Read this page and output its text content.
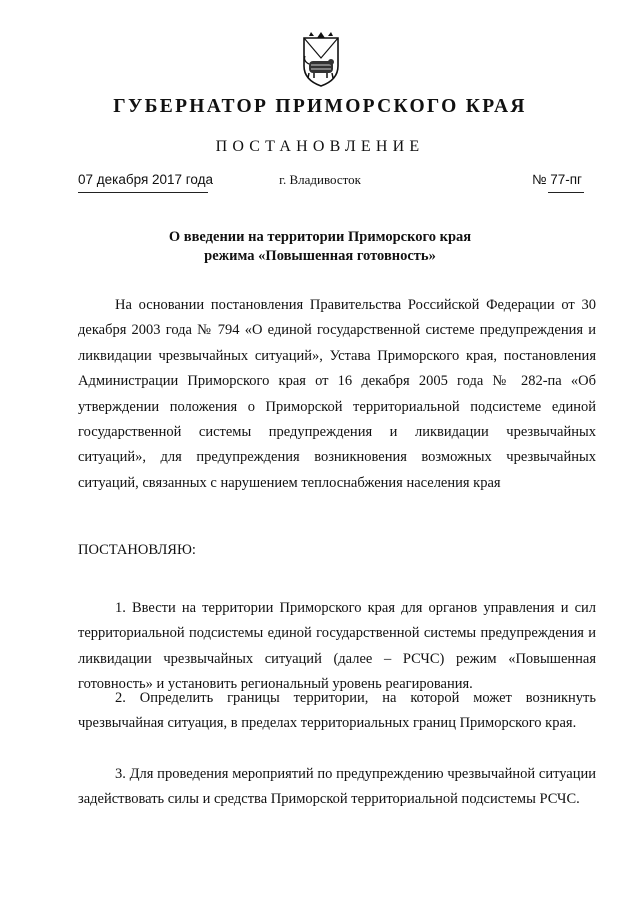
ГУБЕРНАТОР ПРИМОРСКОГО КРАЯ
ПОСТАНОВЛЕНИЕ
07 декабря 2017 года	г. Владивосток	№ 77-пг
О введении на территории Приморского края
режима «Повышенная готовность»

На основании постановления Правительства Российской Федерации от 30 декабря 2003 года № 794 «О единой государственной системе предупреждения и ликвидации чрезвычайных ситуаций», Устава Приморского края, постановления Администрации Приморского края от 16 декабря 2005 года № 282-па «Об утверждении положения о Приморской территориальной подсистеме единой государственной системы предупреждения и ликвидации чрезвычайных ситуаций», для предупреждения возникновения возможных чрезвычайных ситуаций, связанных с нарушением теплоснабжения населения края

ПОСТАНОВЛЯЮ:

1. Ввести на территории Приморского края для органов управления и сил территориальной подсистемы единой государственной системы предупреждения и ликвидации чрезвычайных ситуаций (далее – РСЧС) режим «Повышенная готовность» и установить региональный уровень реагирования.

2. Определить границы территории, на которой может возникнуть чрезвычайная ситуация, в пределах территориальных границ Приморского края.

3. Для проведения мероприятий по предупреждению чрезвычайной ситуации задействовать силы и средства Приморской территориальной подсистемы РСЧС.
